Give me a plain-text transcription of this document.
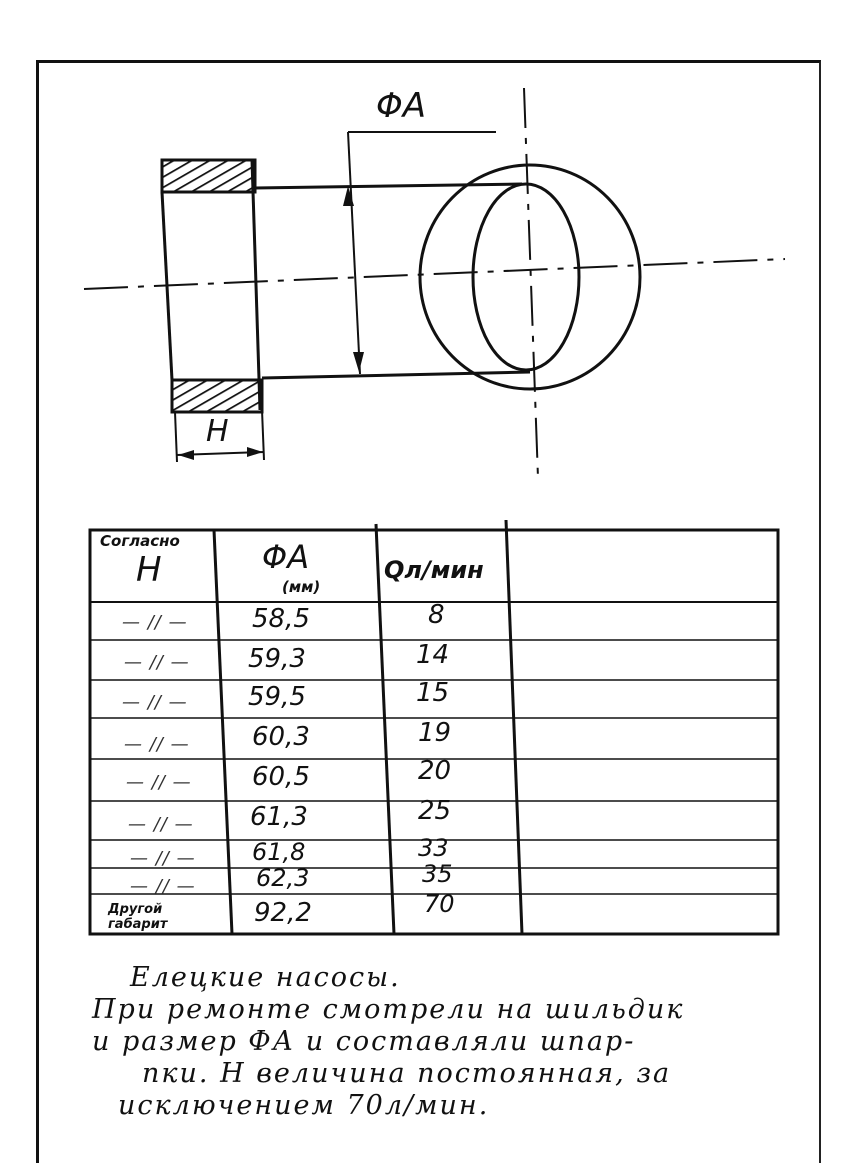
ΦA
H
Согласно
H	ΦA
(мм)
Qл/мин
— // — 58,5	8
— // — 59,3	14
— // — 59,5	15
— // — 60,3	19
— // — 60,5	20
— // — 61,3	25
— // — 61,8	33
— // —	62,3	35
Другой габарит	92,2	70
Елецкие насосы.
При ремонте смотрели на шильдик
и размер ФА и составляли шпар-
пки. Н величина постоянная, за
исключением 70л/мин.
